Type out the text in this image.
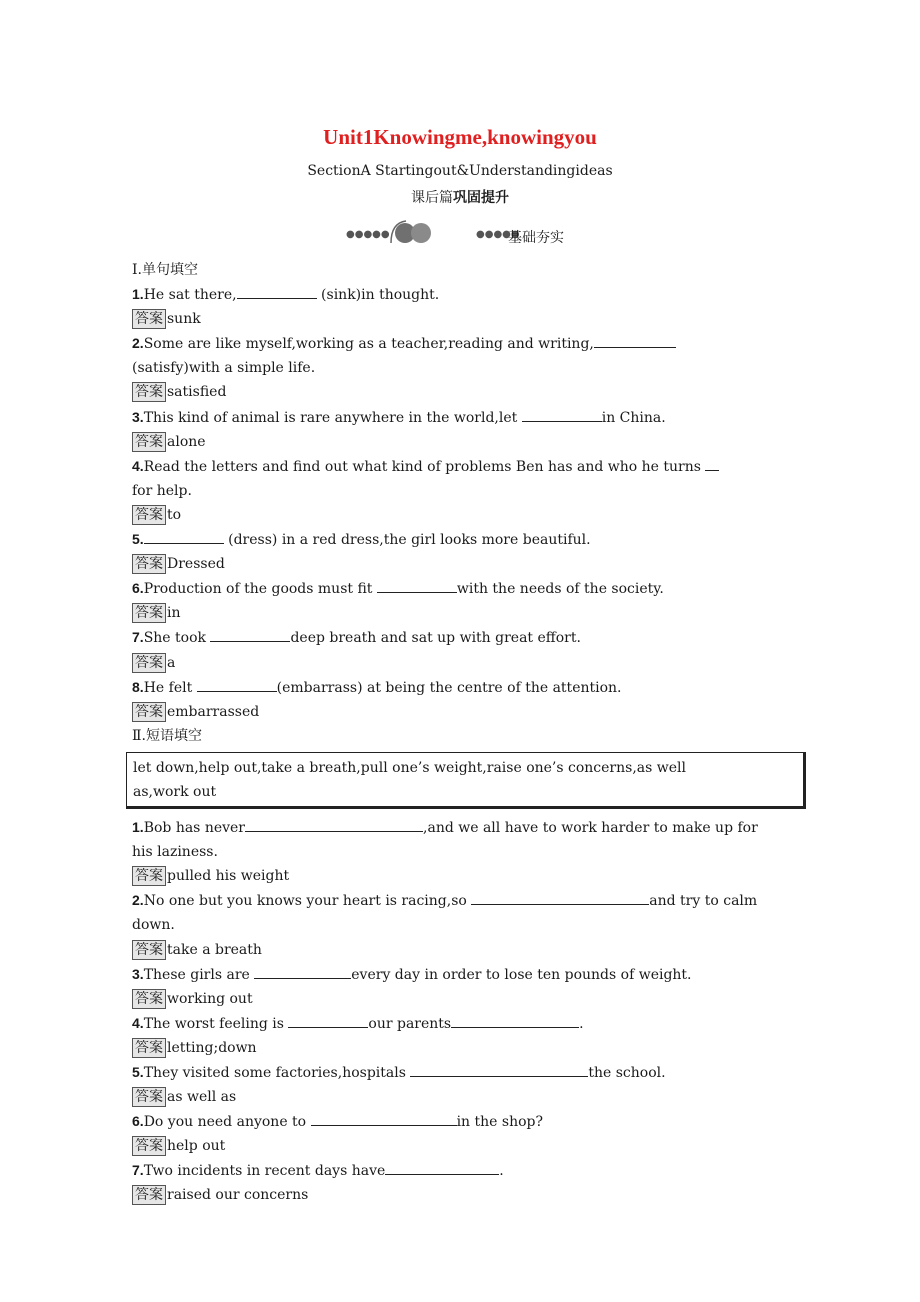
Unit1Knowingme,knowingyou
SectionA Startingout&Understandingideas
课后篇巩固提升
●●●●●	●●●●●
基础夯实
Ⅰ.单句填空
1.He sat there,	(sink)in thought.
答案 sunk
2.Some are like myself,working as a teacher,reading and writing,
(satisfy)with a simple life.
答案 satisfied
3.This kind of animal is rare anywhere in the world,let	in China.
答案 alone
4.Read the letters and find out what kind of problems Ben has and who he turns
for help.
答案 to
5.	(dress) in a red dress,the girl looks more beautiful.
答案 Dressed
6.Production of the goods must fit	with the needs of the society.
答案 in
7.She took	deep breath and sat up with great effort.
答案 a
8.He felt	(embarrass) at being the centre of the attention.
答案 embarrassed
Ⅱ.短语填空
let down,help out,take a breath,pull one’s weight,raise one’s concerns,as well
as,work out
1.Bob has never	,and we all have to work harder to make up for
his laziness.
答案 pulled his weight
2.No one but you knows your heart is racing,so	and try to calm
down.
答案 take a breath
3.These girls are	every day in order to lose ten pounds of weight.
答案 working out
4.The worst feeling is	our parents	.
答案 letting;down
5.They visited some factories,hospitals	the school.
答案 as well as
6.Do you need anyone to	in the shop?
答案 help out
7.Two incidents in recent days have	.
答案 raised our concerns
